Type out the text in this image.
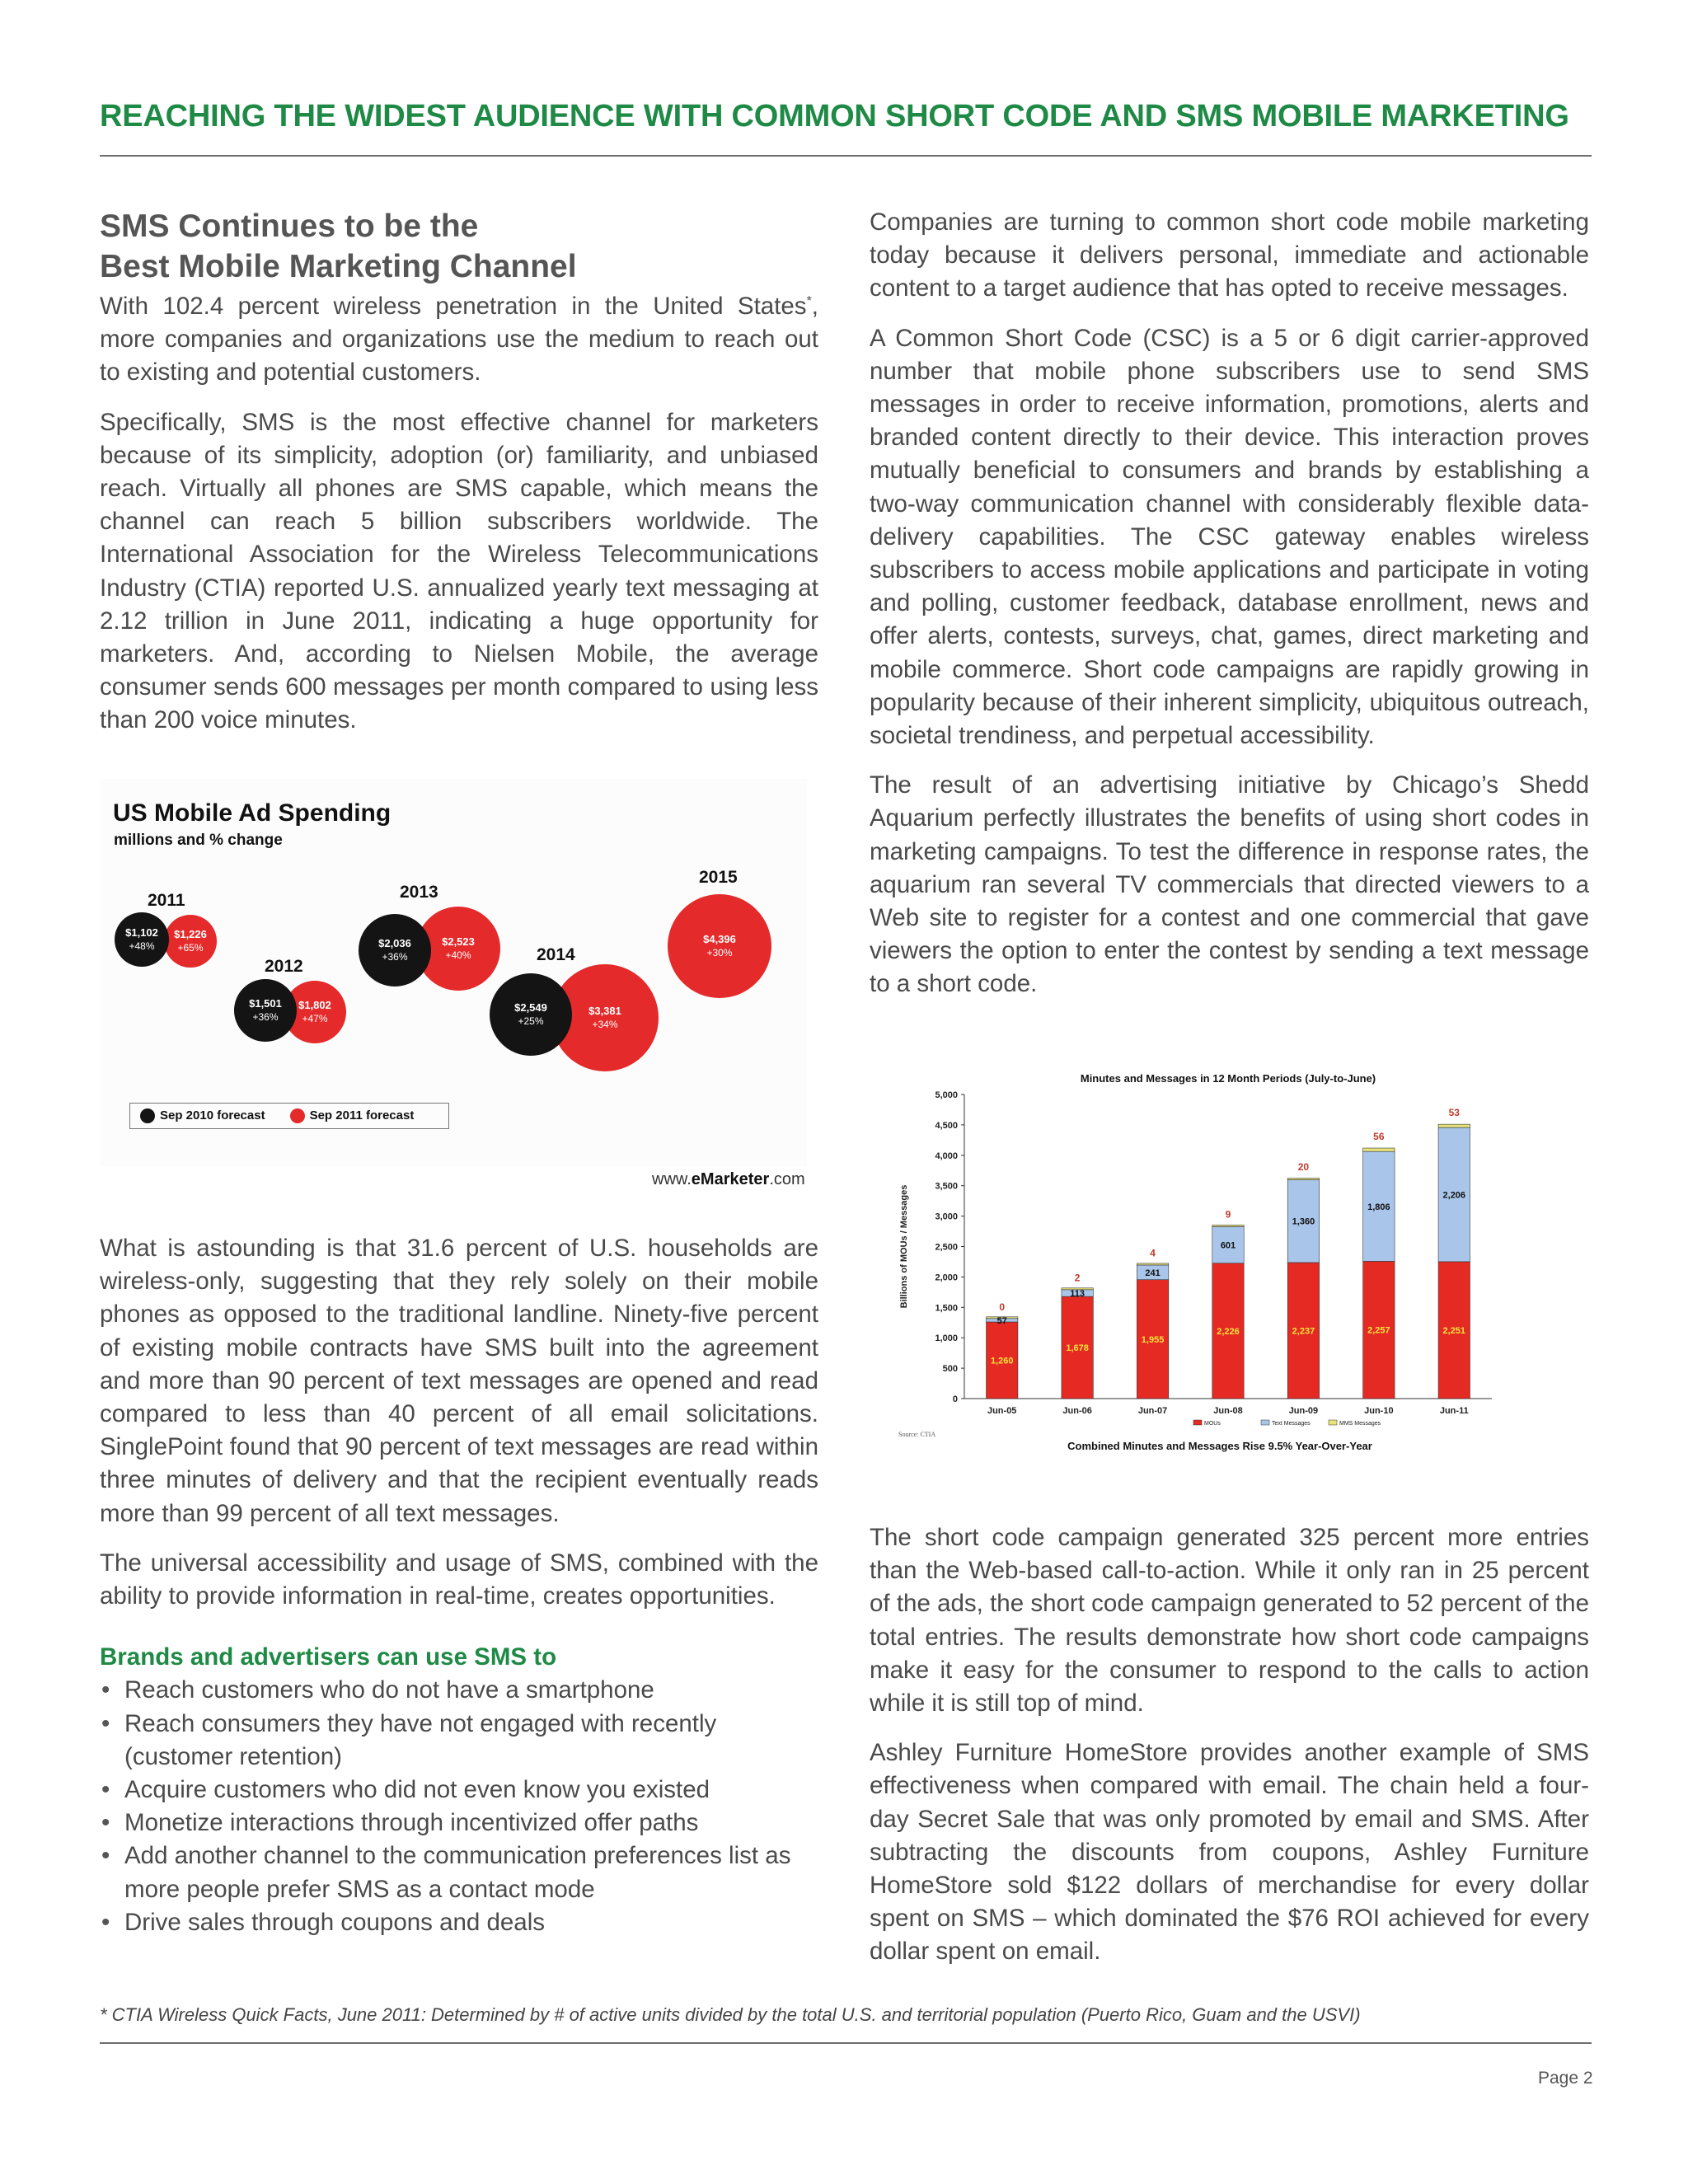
REACHING THE WIDEST AUDIENCE WITH COMMON SHORT CODE AND SMS MOBILE MARKETING
SMS Continues to be the
Best Mobile Marketing Channel

With 102.4 percent wireless penetration in the United States*, more companies and organizations use the medium to reach out to existing and potential customers.

Specifically, SMS is the most effective channel for marketers because of its simplicity, adoption (or) familiarity, and unbiased reach. Virtually all phones are SMS capable, which means the channel can reach 5 billion subscribers worldwide. The International Association for the Wireless Telecommunications Industry (CTIA) reported U.S. annualized yearly text messaging at 2.12 trillion in June 2011, indicating a huge opportunity for marketers. And, according to Nielsen Mobile, the average consumer sends 600 messages per month compared to using less than 200 voice minutes.

US Mobile Ad Spending
millions and % change
2011
2012
2013
2014
2015
$1,226
+65%
$1,102
+48%
$1,802
+47%
$1,501
+36%
$2,523
+40%
$2,036
+36%
$3,381
+34%
$2,549
+25%
$4,396
+30%
Sep 2010 forecast	Sep 2011 forecast
www.eMarketer.com

What is astounding is that 31.6 percent of U.S. households are wireless-only, suggesting that they rely solely on their mobile phones as opposed to the traditional landline. Ninety-five percent of existing mobile contracts have SMS built into the agreement and more than 90 percent of text messages are opened and read compared to less than 40 percent of all email solicitations. SinglePoint found that 90 percent of text messages are read within three minutes of delivery and that the recipient eventually reads more than 99 percent of all text messages.

The universal accessibility and usage of SMS, combined with the ability to provide information in real-time, creates opportunities.

Brands and advertisers can use SMS to
• Reach customers who do not have a smartphone
• Reach consumers they have not engaged with recently (customer retention)
• Acquire customers who did not even know you existed
• Monetize interactions through incentivized offer paths
• Add another channel to the communication preferences list as more people prefer SMS as a contact mode
• Drive sales through coupons and deals

Companies are turning to common short code mobile marketing today because it delivers personal, immediate and actionable content to a target audience that has opted to receive messages.

A Common Short Code (CSC) is a 5 or 6 digit carrier-approved number that mobile phone subscribers use to send SMS messages in order to receive information, promotions, alerts and branded content directly to their device. This interaction proves mutually beneficial to consumers and brands by establishing a two-way communication channel with considerably flexible data-delivery capabilities. The CSC gateway enables wireless subscribers to access mobile applications and participate in voting and polling, customer feedback, database enrollment, news and offer alerts, contests, surveys, chat, games, direct marketing and mobile commerce. Short code campaigns are rapidly growing in popularity because of their inherent simplicity, ubiquitous outreach, societal trendiness, and perpetual accessibility.

The result of an advertising initiative by Chicago’s Shedd Aquarium perfectly illustrates the benefits of using short codes in marketing campaigns. To test the difference in response rates, the aquarium ran several TV commercials that directed viewers to a Web site to register for a contest and one commercial that gave viewers the option to enter the contest by sending a text message to a short code.

Minutes and Messages in 12 Month Periods (July-to-June)
0
500
1,000
1,500
2,000
2,500
3,000
3,500
4,000
4,500
5,000
Billions of MOUs / Messages
1,260
57
0
Jun-05
1,678
113
2
Jun-06
1,955
241
4
Jun-07
2,226
601
9
Jun-08
2,237
1,360
20
Jun-09
2,257
1,806
56
Jun-10
2,251
2,206
53
Jun-11
MOUs	Text Messages	MMS Messages
Source: CTIA
Combined Minutes and Messages Rise 9.5% Year-Over-Year

The short code campaign generated 325 percent more entries than the Web-based call-to-action. While it only ran in 25 percent of the ads, the short code campaign generated to 52 percent of the total entries. The results demonstrate how short code campaigns make it easy for the consumer to respond to the calls to action while it is still top of mind.

Ashley Furniture HomeStore provides another example of SMS effectiveness when compared with email. The chain held a four-day Secret Sale that was only promoted by email and SMS. After subtracting the discounts from coupons, Ashley Furniture HomeStore sold $122 dollars of merchandise for every dollar spent on SMS – which dominated the $76 ROI achieved for every dollar spent on email.

* CTIA Wireless Quick Facts, June 2011: Determined by # of active units divided by the total U.S. and territorial population (Puerto Rico, Guam and the USVI)
Page 2
